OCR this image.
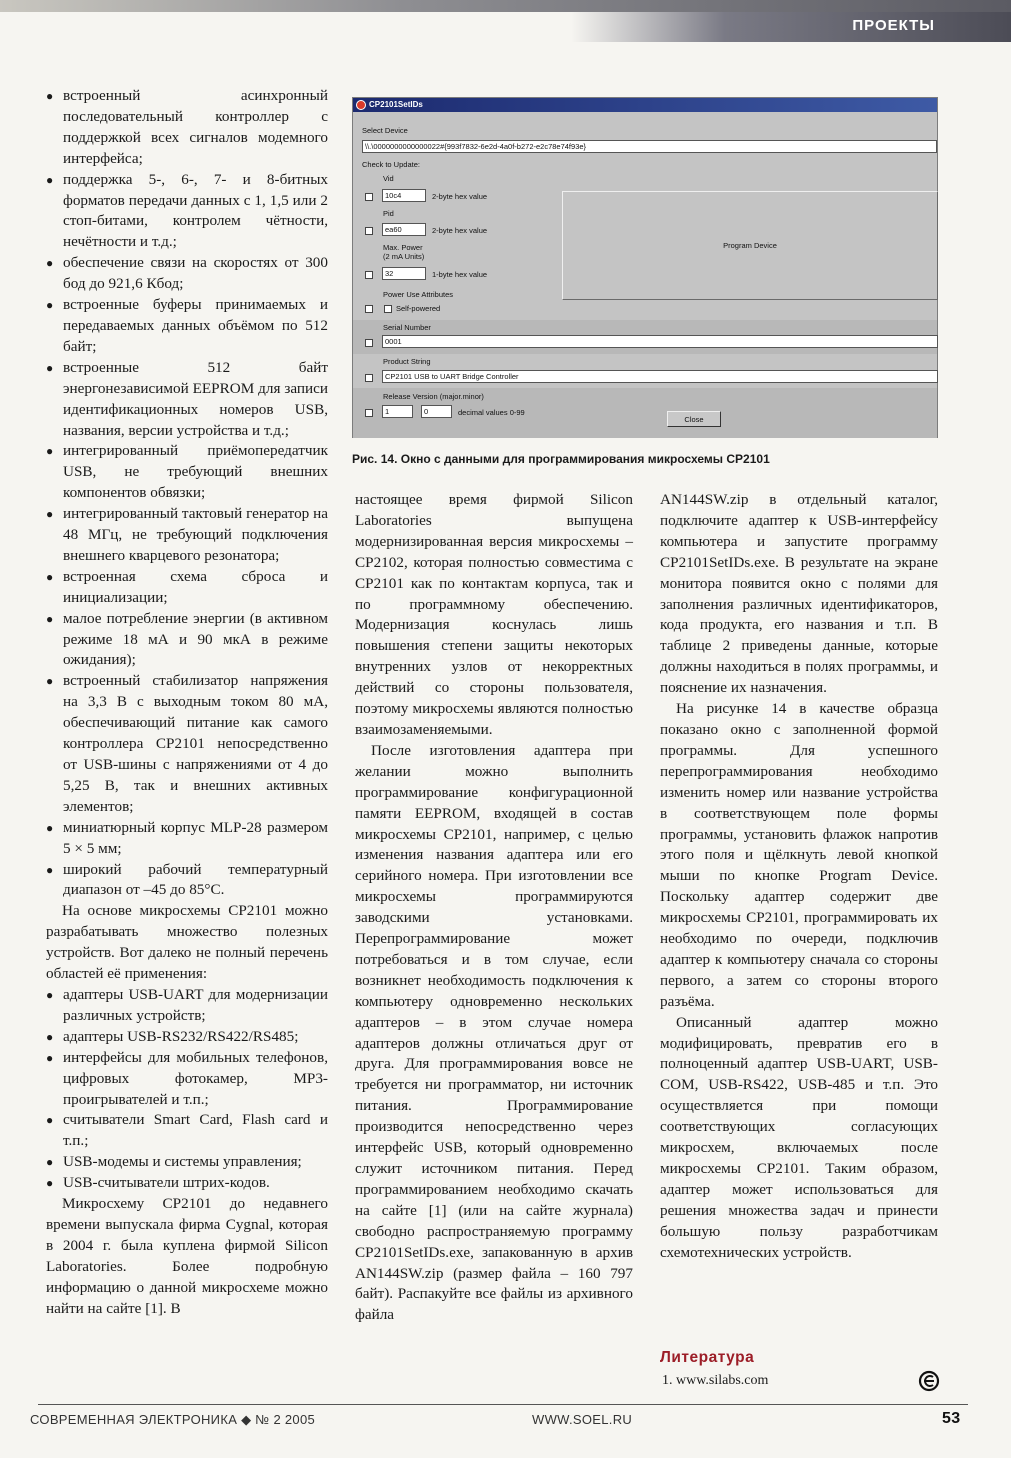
ПРОЕКТЫ
● встроенный асинхронный последовательный контроллер с поддержкой всех сигналов модемного интерфейса;
● поддержка 5-, 6-, 7- и 8-битных форматов передачи данных с 1, 1,5 или 2 стоп-битами, контролем чётности, нечётности и т.д.;
● обеспечение связи на скоростях от 300 бод до 921,6 Кбод;
● встроенные буферы принимаемых и передаваемых данных объёмом по 512 байт;
● встроенные 512 байт энергонезависимой EEPROM для записи идентификационных номеров USB, названия, версии устройства и т.д.;
● интегрированный приёмопередатчик USB, не требующий внешних компонентов обвязки;
● интегрированный тактовый генератор на 48 МГц, не требующий подключения внешнего кварцевого резонатора;
● встроенная схема сброса и инициализации;
● малое потребление энергии (в активном режиме 18 мА и 90 мкА в режиме ожидания);
● встроенный стабилизатор напряжения на 3,3 В с выходным током 80 мА, обеспечивающий питание как самого контроллера CP2101 непосредственно от USB-шины с напряжениями от 4 до 5,25 В, так и внешних активных элементов;
● миниатюрный корпус MLP-28 размером 5 × 5 мм;
● широкий рабочий температурный диапазон от –45 до 85°С.

На основе микросхемы CP2101 можно разрабатывать множество полезных устройств. Вот далеко не полный перечень областей её применения:

● адаптеры USB-UART для модернизации различных устройств;
● адаптеры USB-RS232/RS422/RS485;
● интерфейсы для мобильных телефонов, цифровых фотокамер, MP3-проигрывателей и т.п.;
● считыватели Smart Card, Flash card и т.п.;
● USB-модемы и системы управления;
● USB-считыватели штрих-кодов.

Микросхему CP2101 до недавнего времени выпускала фирма Cygnal, которая в 2004 г. была куплена фирмой Silicon Laboratories. Более подробную информацию о данной микросхеме можно найти на сайте [1]. В

CP2101SetIDs
Select Device
\\.\0000000000000022#{993f7832-6e2d-4a0f-b272-e2c78e74f93e}
Check to Update:
Vid
10c4	2-byte hex value
Pid
ea60	2-byte hex value
Max. Power
(2 mA Units)
32	1-byte hex value
Program Device
Power Use Attributes
Self-powered
Serial Number
0001
Product String
CP2101 USB to UART Bridge Controller
Release Version (major.minor)
1	0	decimal values 0-99
Close
Рис. 14. Окно с данными для программирования микросхемы CP2101

настоящее время фирмой Silicon Laboratories выпущена модернизированная версия микросхемы – CP2102, которая полностью совместима с CP2101 как по контактам корпуса, так и по программному обеспечению. Модернизация коснулась лишь повышения степени защиты некоторых внутренних узлов от некорректных действий со стороны пользователя, поэтому микросхемы являются полностью взаимозаменяемыми.

После изготовления адаптера при желании можно выполнить программирование конфигурационной памяти EEPROM, входящей в состав микросхемы CP2101, например, с целью изменения названия адаптера или его серийного номера. При изготовлении все микросхемы программируются заводскими установками. Перепрограммирование может потребоваться и в том случае, если возникнет необходимость подключения к компьютеру одновременно нескольких адаптеров – в этом случае номера адаптеров должны отличаться друг от друга. Для программирования вовсе не требуется ни программатор, ни источник питания. Программирование производится непосредственно через интерфейс USB, который одновременно служит источником питания. Перед программированием необходимо скачать на сайте [1] (или на сайте журнала) свободно распространяемую программу CP2101SetIDs.exe, запакованную в архив AN144SW.zip (размер файла – 160 797 байт). Распакуйте все файлы из архивного файла

AN144SW.zip в отдельный каталог, подключите адаптер к USB-интерфейсу компьютера и запустите программу CP2101SetIDs.exe. В результате на экране монитора появится окно с полями для заполнения различных идентификаторов, кода продукта, его названия и т.п. В таблице 2 приведены данные, которые должны находиться в полях программы, и пояснение их назначения.

На рисунке 14 в качестве образца показано окно с заполненной формой программы. Для успешного перепрограммирования необходимо изменить номер или название устройства в соответствующем поле формы программы, установить флажок напротив этого поля и щёлкнуть левой кнопкой мыши по кнопке Program Device. Поскольку адаптер содержит две микросхемы CP2101, программировать их необходимо по очереди, подключив адаптер к компьютеру сначала со стороны первого, а затем со стороны второго разъёма.

Описанный адаптер можно модифицировать, превратив его в полноценный адаптер USB-UART, USB-COM, USB-RS422, USB-485 и т.п. Это осуществляется при помощи соответствующих согласующих микросхем, включаемых после микросхемы CP2101. Таким образом, адаптер может использоваться для решения множества задач и принести большую пользу разработчикам схемотехнических устройств.

Литература
1. www.silabs.com
СОВРЕМЕННАЯ ЭЛЕКТРОНИКА ◆ № 2 2005	WWW.SOEL.RU	53
